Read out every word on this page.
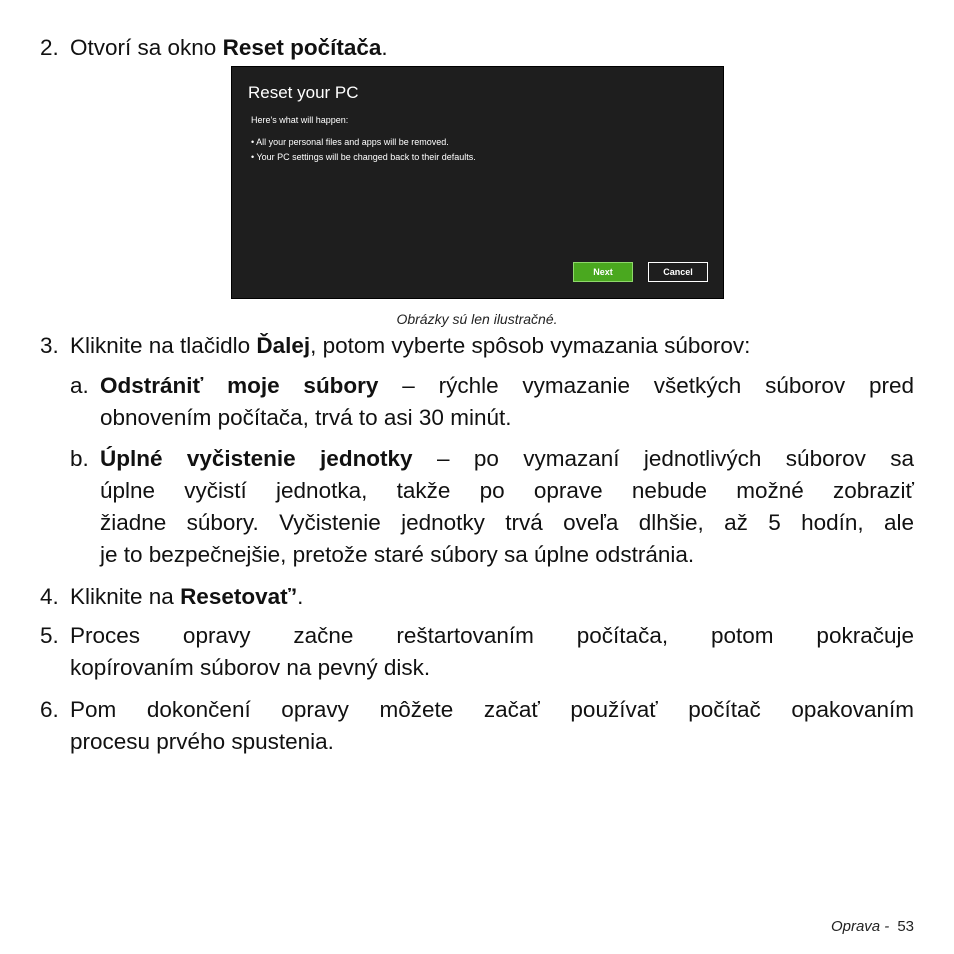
2. Otvorí sa okno Reset počítača.
Reset your PC
Here's what will happen:
• All your personal files and apps will be removed.
• Your PC settings will be changed back to their defaults.
Next	Cancel
Obrázky sú len ilustračné.
3. Kliknite na tlačidlo Ďalej, potom vyberte spôsob vymazania súborov:
a. Odstrániť moje súbory – rýchle vymazanie všetkých súborov pred
obnovením počítača, trvá to asi 30 minút.
b. Úplné vyčistenie jednotky – po vymazaní jednotlivých súborov sa
úplne vyčistí jednotka, takže po oprave nebude možné zobraziť
žiadne súbory. Vyčistenie jednotky trvá oveľa dlhšie, až 5 hodín, ale
je to bezpečnejšie, pretože staré súbory sa úplne odstránia.
4. Kliknite na Resetovať’.
5. Proces opravy začne reštartovaním počítača, potom pokračuje
kopírovaním súborov na pevný disk.
6. Pom dokončení opravy môžete začať používať počítač opakovaním
procesu prvého spustenia.
Oprava - 53
